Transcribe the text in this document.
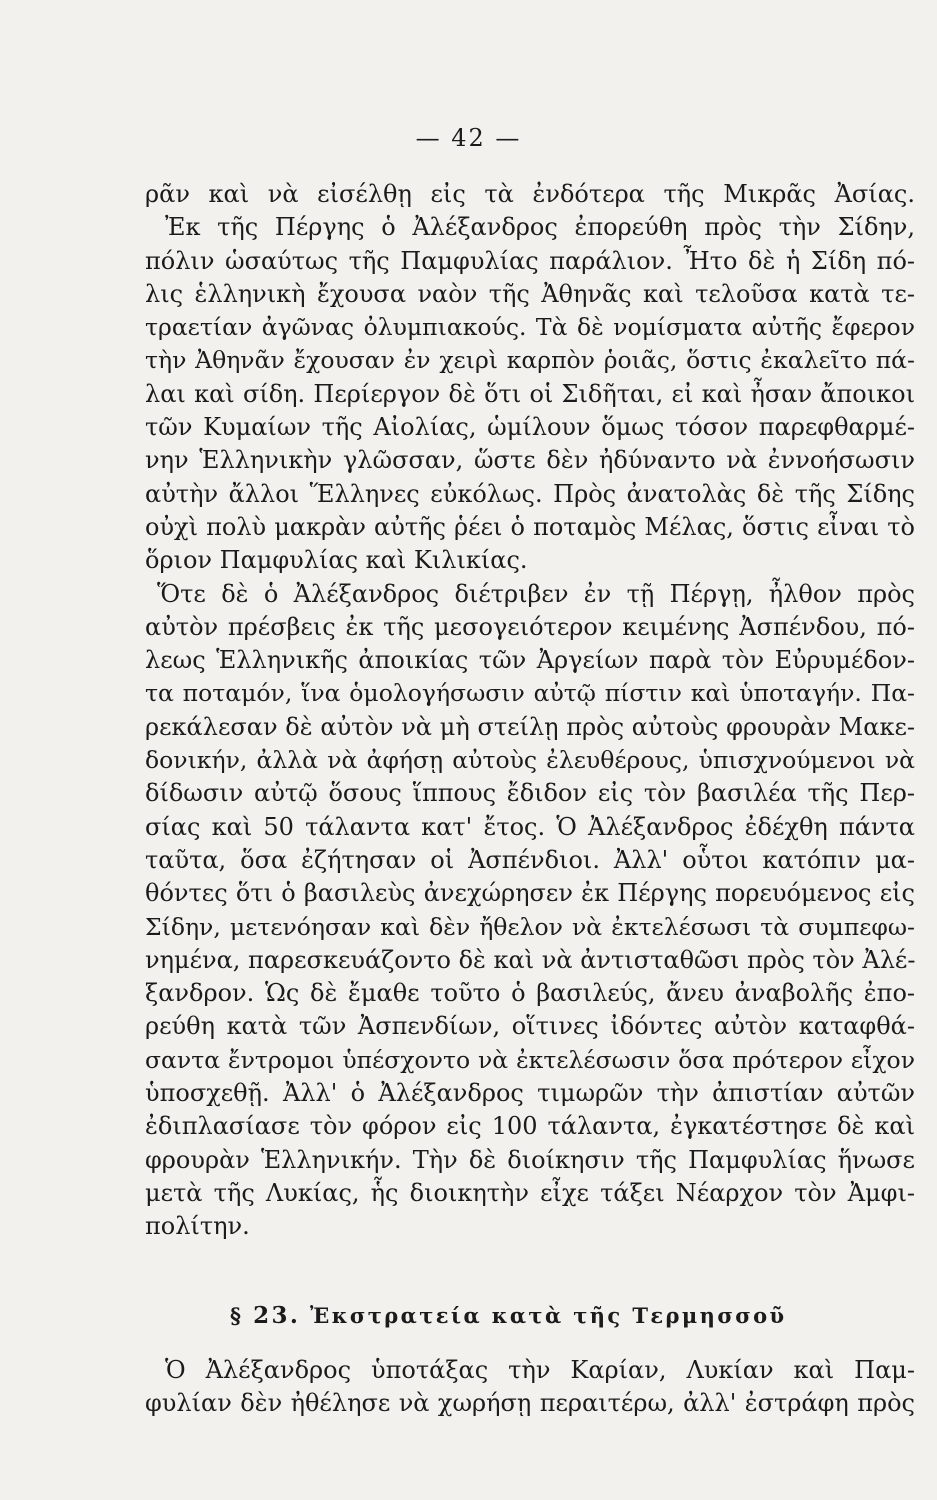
— 42 —
ρᾶν καὶ νὰ εἰσέλθῃ εἰς τὰ ἐνδότερα τῆς Μικρᾶς Ἀσίας.
Ἐκ τῆς Πέργης ὁ Ἀλέξανδρος ἐπορεύθη πρὸς τὴν Σίδην,
πόλιν ὡσαύτως τῆς Παμφυλίας παράλιον. Ἦτο δὲ ἡ Σίδη πό-
λις ἑλληνικὴ ἔχουσα ναὸν τῆς Ἀθηνᾶς καὶ τελοῦσα κατὰ τε-
τραετίαν ἀγῶνας ὀλυμπιακούς. Τὰ δὲ νομίσματα αὐτῆς ἔφερον
τὴν Ἀθηνᾶν ἔχουσαν ἐν χειρὶ καρπὸν ῥοιᾶς, ὅστις ἐκαλεῖτο πά-
λαι καὶ σίδη. Περίεργον δὲ ὅτι οἱ Σιδῆται, εἰ καὶ ἦσαν ἄποικοι
τῶν Κυμαίων τῆς Αἰολίας, ὡμίλουν ὅμως τόσον παρεφθαρμέ-
νην Ἑλληνικὴν γλῶσσαν, ὥστε δὲν ἠδύναντο νὰ ἐννοήσωσιν
αὐτὴν ἄλλοι Ἕλληνες εὐκόλως. Πρὸς ἀνατολὰς δὲ τῆς Σίδης
οὐχὶ πολὺ μακρὰν αὐτῆς ῥέει ὁ ποταμὸς Μέλας, ὅστις εἶναι τὸ
ὅριον Παμφυλίας καὶ Κιλικίας.
Ὅτε δὲ ὁ Ἀλέξανδρος διέτριβεν ἐν τῇ Πέργῃ, ἦλθον πρὸς
αὐτὸν πρέσβεις ἐκ τῆς μεσογειότερον κειμένης Ἀσπένδου, πό-
λεως Ἑλληνικῆς ἀποικίας τῶν Ἀργείων παρὰ τὸν Εὐρυμέδον-
τα ποταμόν, ἵνα ὁμολογήσωσιν αὐτῷ πίστιν καὶ ὑποταγήν. Πα-
ρεκάλεσαν δὲ αὐτὸν νὰ μὴ στείλῃ πρὸς αὐτοὺς φρουρὰν Μακε-
δονικήν, ἀλλὰ νὰ ἀφήσῃ αὐτοὺς ἐλευθέρους, ὑπισχνούμενοι νὰ
δίδωσιν αὐτῷ ὅσους ἵππους ἔδιδον εἰς τὸν βασιλέα τῆς Περ-
σίας καὶ 50 τάλαντα κατ' ἔτος. Ὁ Ἀλέξανδρος ἐδέχθη πάντα
ταῦτα, ὅσα ἐζήτησαν οἱ Ἀσπένδιοι. Ἀλλ' οὗτοι κατόπιν μα-
θόντες ὅτι ὁ βασιλεὺς ἀνεχώρησεν ἐκ Πέργης πορευόμενος εἰς
Σίδην, μετενόησαν καὶ δὲν ἤθελον νὰ ἐκτελέσωσι τὰ συμπεφω-
νημένα, παρεσκευάζοντο δὲ καὶ νὰ ἀντισταθῶσι πρὸς τὸν Ἀλέ-
ξανδρον. Ὡς δὲ ἔμαθε τοῦτο ὁ βασιλεύς, ἄνευ ἀναβολῆς ἐπο-
ρεύθη κατὰ τῶν Ἀσπενδίων, οἵτινες ἰδόντες αὐτὸν καταφθά-
σαντα ἔντρομοι ὑπέσχοντο νὰ ἐκτελέσωσιν ὅσα πρότερον εἶχον
ὑποσχεθῇ. Ἀλλ' ὁ Ἀλέξανδρος τιμωρῶν τὴν ἀπιστίαν αὐτῶν
ἐδιπλασίασε τὸν φόρον εἰς 100 τάλαντα, ἐγκατέστησε δὲ καὶ
φρουρὰν Ἑλληνικήν. Τὴν δὲ διοίκησιν τῆς Παμφυλίας ἥνωσε
μετὰ τῆς Λυκίας, ἧς διοικητὴν εἶχε τάξει Νέαρχον τὸν Ἀμφι-
πολίτην.
§ 23. Ἐκστρατεία κατὰ τῆς Τερμησσοῦ
Ὁ Ἀλέξανδρος ὑποτάξας τὴν Καρίαν, Λυκίαν καὶ Παμ-
φυλίαν δὲν ἠθέλησε νὰ χωρήσῃ περαιτέρω, ἀλλ' ἐστράφη πρὸς
